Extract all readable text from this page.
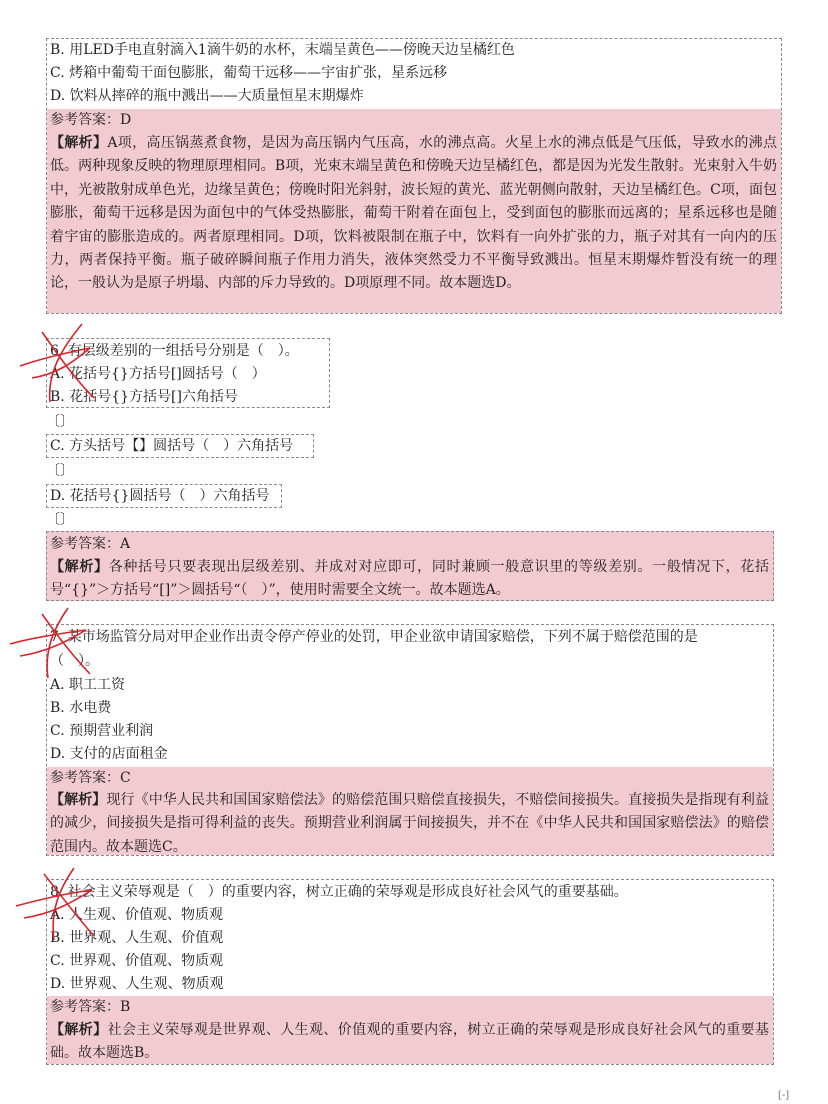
B. 用LED手电直射滴入1滴牛奶的水杯，末端呈黄色——傍晚天边呈橘红色
C. 烤箱中葡萄干面包膨胀，葡萄干远移——宇宙扩张，星系远移
D. 饮料从摔碎的瓶中溅出——大质量恒星末期爆炸
参考答案：D
【解析】A项，高压锅蒸煮食物，是因为高压锅内气压高，水的沸点高。火星上水的沸点低是气压低，导致水的沸点低。两种现象反映的物理原理相同。B项，光束末端呈黄色和傍晚天边呈橘红色，都是因为光发生散射。光束射入牛奶中，光被散射成单色光，边缘呈黄色；傍晚时阳光斜射，波长短的黄光、蓝光朝侧向散射，天边呈橘红色。C项，面包膨胀，葡萄干远移是因为面包中的气体受热膨胀，葡萄干附着在面包上，受到面包的膨胀而远离的；星系远移也是随着宇宙的膨胀造成的。两者原理相同。D项，饮料被限制在瓶子中，饮料有一向外扩张的力，瓶子对其有一向内的压力，两者保持平衡。瓶子破碎瞬间瓶子作用力消失，液体突然受力不平衡导致溅出。恒星末期爆炸暂没有统一的理论，一般认为是原子坍塌、内部的斥力导致的。D项原理不同。故本题选D。
6. 有层级差别的一组括号分别是（　）。
A. 花括号{}方括号[]圆括号（　）
B. 花括号{}方括号[]六角括号
〔〕
C. 方头括号【】圆括号（　）六角括号
〔〕
D. 花括号{}圆括号（　）六角括号
〔〕
参考答案：A
【解析】各种括号只要表现出层级差别、并成对对应即可，同时兼顾一般意识里的等级差别。一般情况下，花括号“{}”＞方括号“[]”＞圆括号“（　）”，使用时需要全文统一。故本题选A。
7. 某市场监管分局对甲企业作出责令停产停业的处罚，甲企业欲申请国家赔偿，下列不属于赔偿范围的是
（　）。
A. 职工工资
B. 水电费
C. 预期营业利润
D. 支付的店面租金
参考答案：C
【解析】现行《中华人民共和国国家赔偿法》的赔偿范围只赔偿直接损失，不赔偿间接损失。直接损失是指现有利益的减少，间接损失是指可得利益的丧失。预期营业利润属于间接损失，并不在《中华人民共和国国家赔偿法》的赔偿范围内。故本题选C。
8. 社会主义荣辱观是（　）的重要内容，树立正确的荣辱观是形成良好社会风气的重要基础。
A. 人生观、价值观、物质观
B. 世界观、人生观、价值观
C. 世界观、价值观、物质观
D. 世界观、人生观、物质观
参考答案：B
【解析】社会主义荣辱观是世界观、人生观、价值观的重要内容，树立正确的荣辱观是形成良好社会风气的重要基础。故本题选B。
[-]
